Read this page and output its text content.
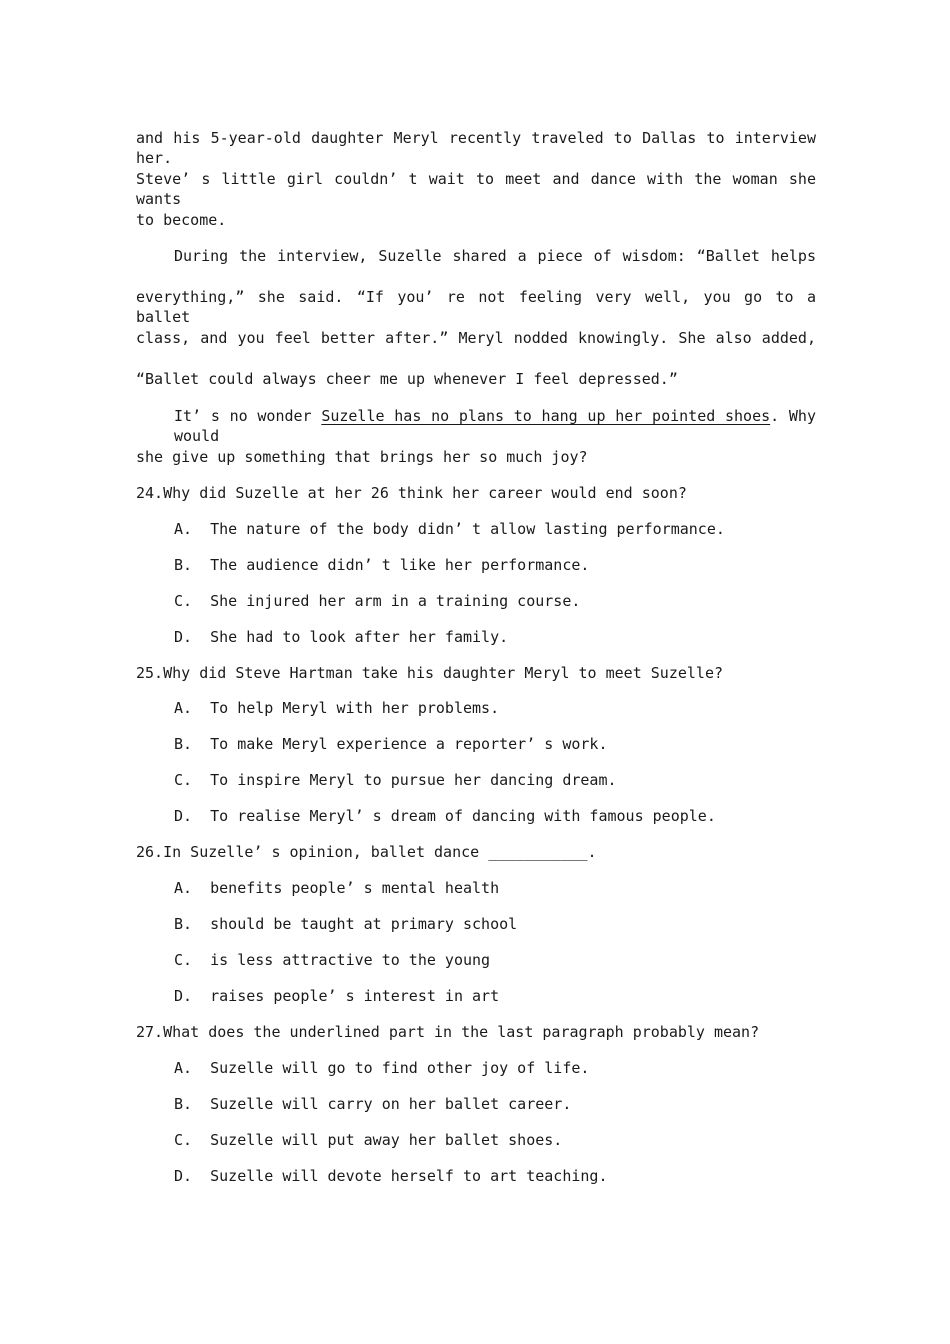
and his 5-year-old daughter Meryl recently traveled to Dallas to interview her.
Steve’ s little girl couldn’ t wait to meet and dance with the woman she wants
to become.
During the interview, Suzelle shared a piece of wisdom: “Ballet helps
everything,” she said. “If you’ re not feeling very well, you go to a ballet
class, and you feel better after.” Meryl nodded knowingly. She also added,
“Ballet could always cheer me up whenever I feel depressed.”
It’ s no wonder Suzelle has no plans to hang up her pointed shoes. Why would
she give up something that brings her so much joy?
24.Why did Suzelle at her 26 think her career would end soon?
A.  The nature of the body didn’ t allow lasting performance.
B.  The audience didn’ t like her performance.
C.  She injured her arm in a training course.
D.  She had to look after her family.
25.Why did Steve Hartman take his daughter Meryl to meet Suzelle?
A.  To help Meryl with her problems.
B.  To make Meryl experience a reporter’ s work.
C.  To inspire Meryl to pursue her dancing dream.
D.  To realise Meryl’ s dream of dancing with famous people.
26.In Suzelle’ s opinion, ballet dance ___________.
A.  benefits people’ s mental health
B.  should be taught at primary school
C.  is less attractive to the young
D.  raises people’ s interest in art
27.What does the underlined part in the last paragraph probably mean?
A.  Suzelle will go to find other joy of life.
B.  Suzelle will carry on her ballet career.
C.  Suzelle will put away her ballet shoes.
D.  Suzelle will devote herself to art teaching.
